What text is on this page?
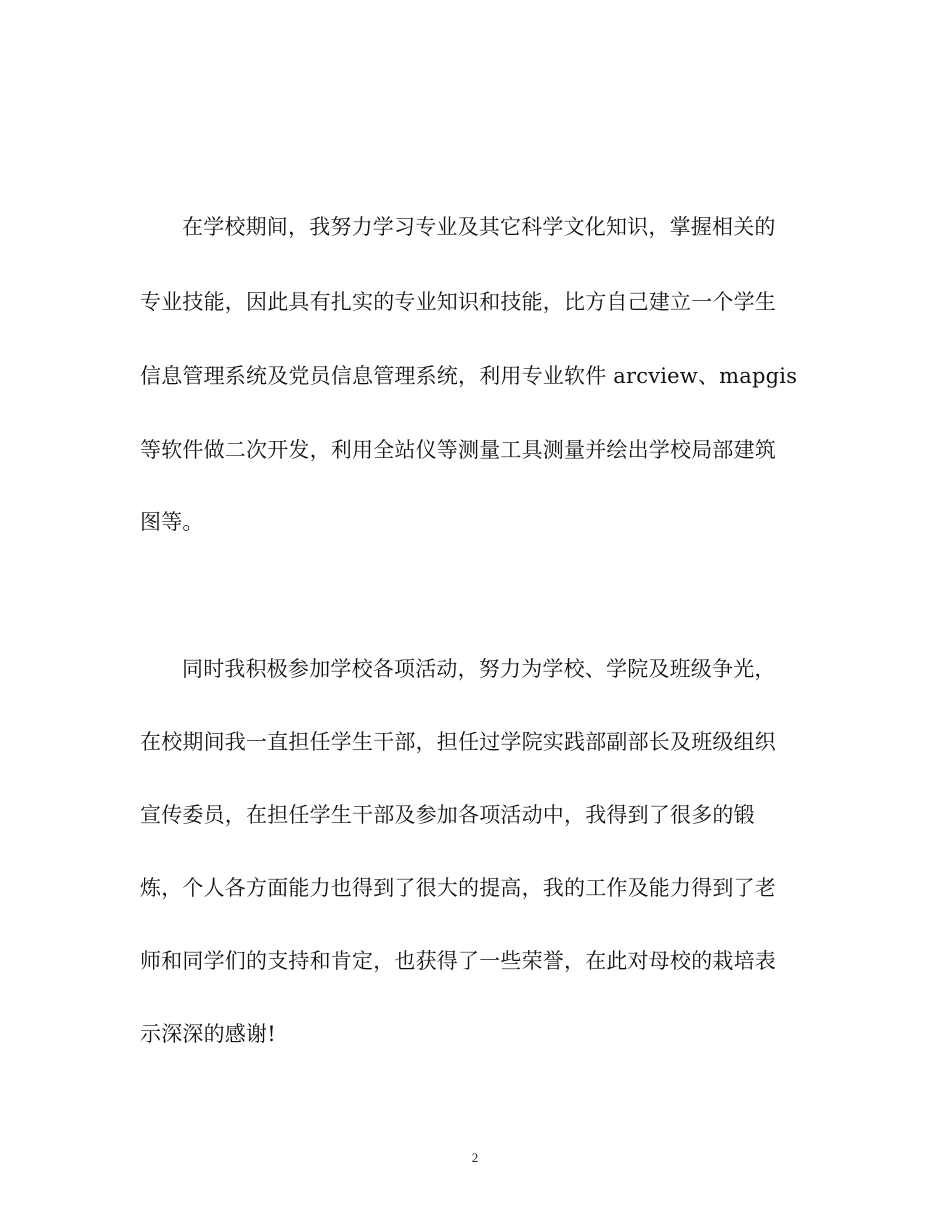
在学校期间，我努力学习专业及其它科学文化知识，掌握相关的
专业技能，因此具有扎实的专业知识和技能，比方自己建立一个学生
信息管理系统及党员信息管理系统，利用专业软件 arcview、mapgis
等软件做二次开发，利用全站仪等测量工具测量并绘出学校局部建筑
图等。
同时我积极参加学校各项活动，努力为学校、学院及班级争光，
在校期间我一直担任学生干部，担任过学院实践部副部长及班级组织
宣传委员，在担任学生干部及参加各项活动中，我得到了很多的锻
炼，个人各方面能力也得到了很大的提高，我的工作及能力得到了老
师和同学们的支持和肯定，也获得了一些荣誉，在此对母校的栽培表
示深深的感谢!
2
